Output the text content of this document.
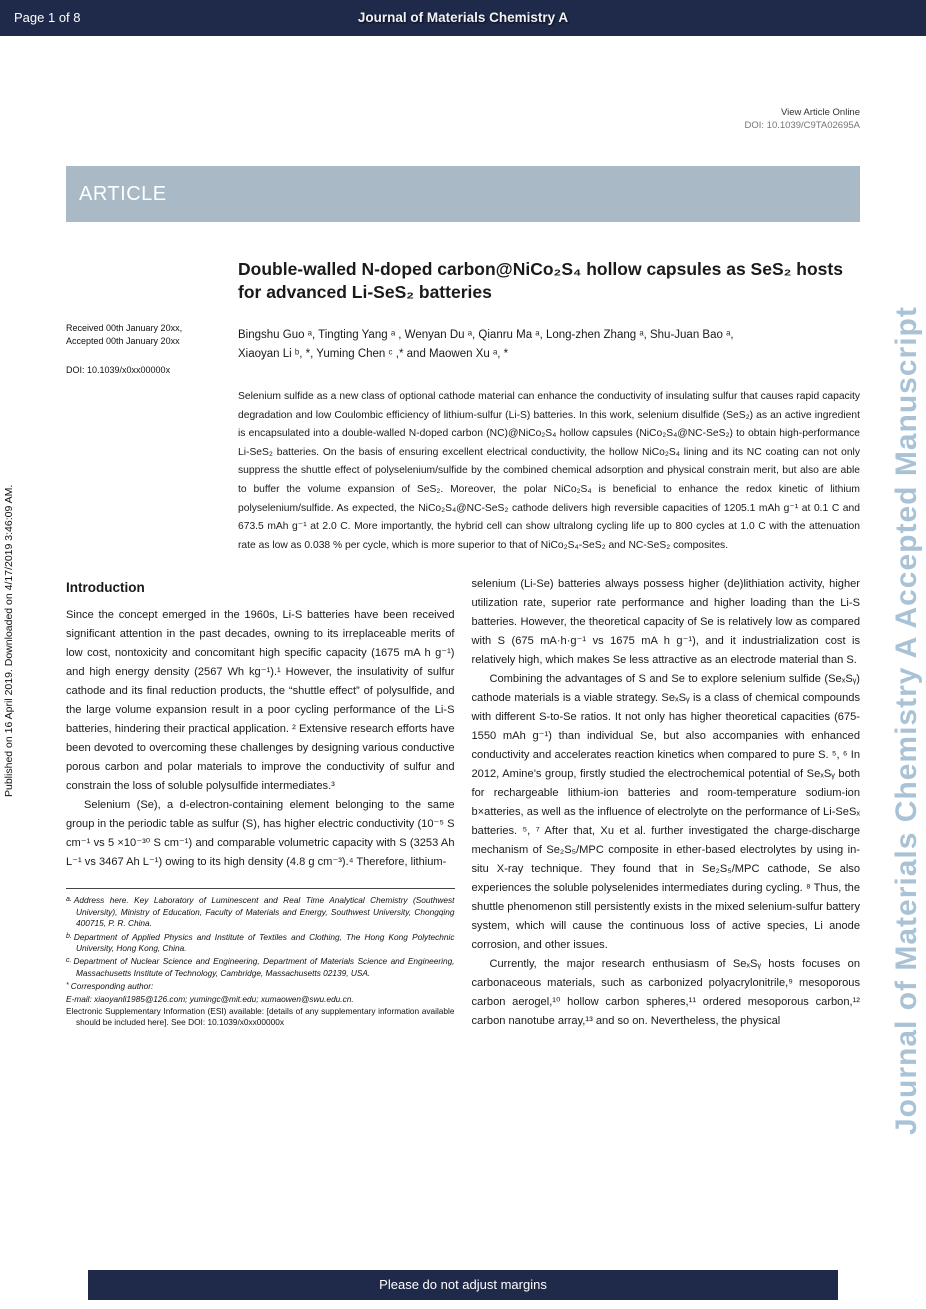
Page 1 of 8	Journal of Materials Chemistry A
View Article Online
DOI: 10.1039/C9TA02695A
Published on 16 April 2019. Downloaded on 4/17/2019 3:46:09 AM.	Journal of Materials Chemistry A Accepted Manuscript
ARTICLE
Received 00th January 20xx,
Accepted 00th January 20xx
DOI: 10.1039/x0xx00000x
Double-walled N-doped carbon@NiCo₂S₄ hollow capsules as SeS₂ hosts for advanced Li-SeS₂ batteries
Bingshu Guo ᵃ, Tingting Yang ᵃ , Wenyan Du ᵃ, Qianru Ma ᵃ, Long-zhen Zhang ᵃ, Shu-Juan Bao ᵃ,
Xiaoyan Li ᵇ, *, Yuming Chen ᶜ ,* and Maowen Xu ᵃ, *

Selenium sulfide as a new class of optional cathode material can enhance the conductivity of insulating sulfur that causes rapid capacity degradation and low Coulombic efficiency of lithium-sulfur (Li-S) batteries. In this work, selenium disulfide (SeS₂) as an active ingredient is encapsulated into a double-walled N-doped carbon (NC)@NiCo₂S₄ hollow capsules (NiCo₂S₄@NC-SeS₂) to obtain high-performance Li-SeS₂ batteries. On the basis of ensuring excellent electrical conductivity, the hollow NiCo₂S₄ lining and its NC coating can not only suppress the shuttle effect of polyselenium/sulfide by the combined chemical adsorption and physical constrain merit, but also are able to buffer the volume expansion of SeS₂. Moreover, the polar NiCo₂S₄ is beneficial to enhance the redox kinetic of lithium polyselenium/sulfide. As expected, the NiCo₂S₄@NC-SeS₂ cathode delivers high reversible capacities of 1205.1 mAh g⁻¹ at 0.1 C and 673.5 mAh g⁻¹ at 2.0 C. More importantly, the hybrid cell can show ultralong cycling life up to 800 cycles at 1.0 C with the attenuation rate as low as 0.038 % per cycle, which is more superior to that of NiCo₂S₄-SeS₂ and NC-SeS₂ composites.

Introduction

Since the concept emerged in the 1960s, Li-S batteries have been received significant attention in the past decades, owning to its irreplaceable merits of low cost, nontoxicity and concomitant high specific capacity (1675 mA h g⁻¹) and high energy density (2567 Wh kg⁻¹).¹ However, the insulativity of sulfur cathode and its final reduction products, the “shuttle effect” of polysulfide, and the large volume expansion result in a poor cycling performance of the Li-S batteries, hindering their practical application. ² Extensive research efforts have been devoted to overcoming these challenges by designing various conductive porous carbon and polar materials to improve the conductivity of sulfur and constrain the loss of soluble polysulfide intermediates.³

Selenium (Se), a d-electron-containing element belonging to the same group in the periodic table as sulfur (S), has higher electric conductivity (10⁻⁵ S cm⁻¹ vs 5 ×10⁻³⁰ S cm⁻¹) and comparable volumetric capacity with S (3253 Ah L⁻¹ vs 3467 Ah L⁻¹) owing to its high density (4.8 g cm⁻³).⁴ Therefore, lithium-

$^{a.}$ Address here. Key Laboratory of Luminescent and Real Time Analytical Chemistry (Southwest University), Ministry of Education, Faculty of Materials and Energy, Southwest University, Chongqing 400715, P. R. China.
$^{b.}$ Department of Applied Physics and Institute of Textiles and Clothing, The Hong Kong Polytechnic University, Hong Kong, China.
$^{c.}$ Department of Nuclear Science and Engineering, Department of Materials Science and Engineering, Massachusetts Institute of Technology, Cambridge, Massachusetts 02139, USA.
* Corresponding author:
E-mail: xiaoyanli1985@126.com; yumingc@mit.edu; xumaowen@swu.edu.cn.
Electronic Supplementary Information (ESI) available: [details of any supplementary information available should be included here]. See DOI: 10.1039/x0xx00000x

selenium (Li-Se) batteries always possess higher (de)lithiation activity, higher utilization rate, superior rate performance and higher loading than the Li-S batteries. However, the theoretical capacity of Se is relatively low as compared with S (675 mA·h·g⁻¹ vs 1675 mA h g⁻¹), and it industrialization cost is relatively high, which makes Se less attractive as an electrode material than S.

Combining the advantages of S and Se to explore selenium sulfide (SeₓSᵧ) cathode materials is a viable strategy. SeₓSᵧ is a class of chemical compounds with different S-to-Se ratios. It not only has higher theoretical capacities (675-1550 mAh g⁻¹) than individual Se, but also accompanies with enhanced conductivity and accelerates reaction kinetics when compared to pure S. ⁵, ⁶ In 2012, Amine’s group, firstly studied the electrochemical potential of SeₓSᵧ both for rechargeable lithium-ion batteries and room-temperature sodium-ion b×atteries, as well as the influence of electrolyte on the performance of Li-SeSₓ batteries. ⁵, ⁷ After that, Xu et al. further investigated the charge-discharge mechanism of Se₂S₅/MPC composite in ether-based electrolytes by using in-situ X-ray technique. They found that in Se₂S₅/MPC cathode, Se also experiences the soluble polyselenides intermediates during cycling. ⁸ Thus, the shuttle phenomenon still persistently exists in the mixed selenium-sulfur battery system, which will cause the continuous loss of active species, Li anode corrosion, and other issues.

Currently, the major research enthusiasm of SeₓSᵧ hosts focuses on carbonaceous materials, such as carbonized polyacrylonitrile,⁹ mesoporous carbon aerogel,¹⁰ hollow carbon spheres,¹¹ ordered mesoporous carbon,¹² carbon nanotube array,¹³ and so on. Nevertheless, the physical

Please do not adjust margins
